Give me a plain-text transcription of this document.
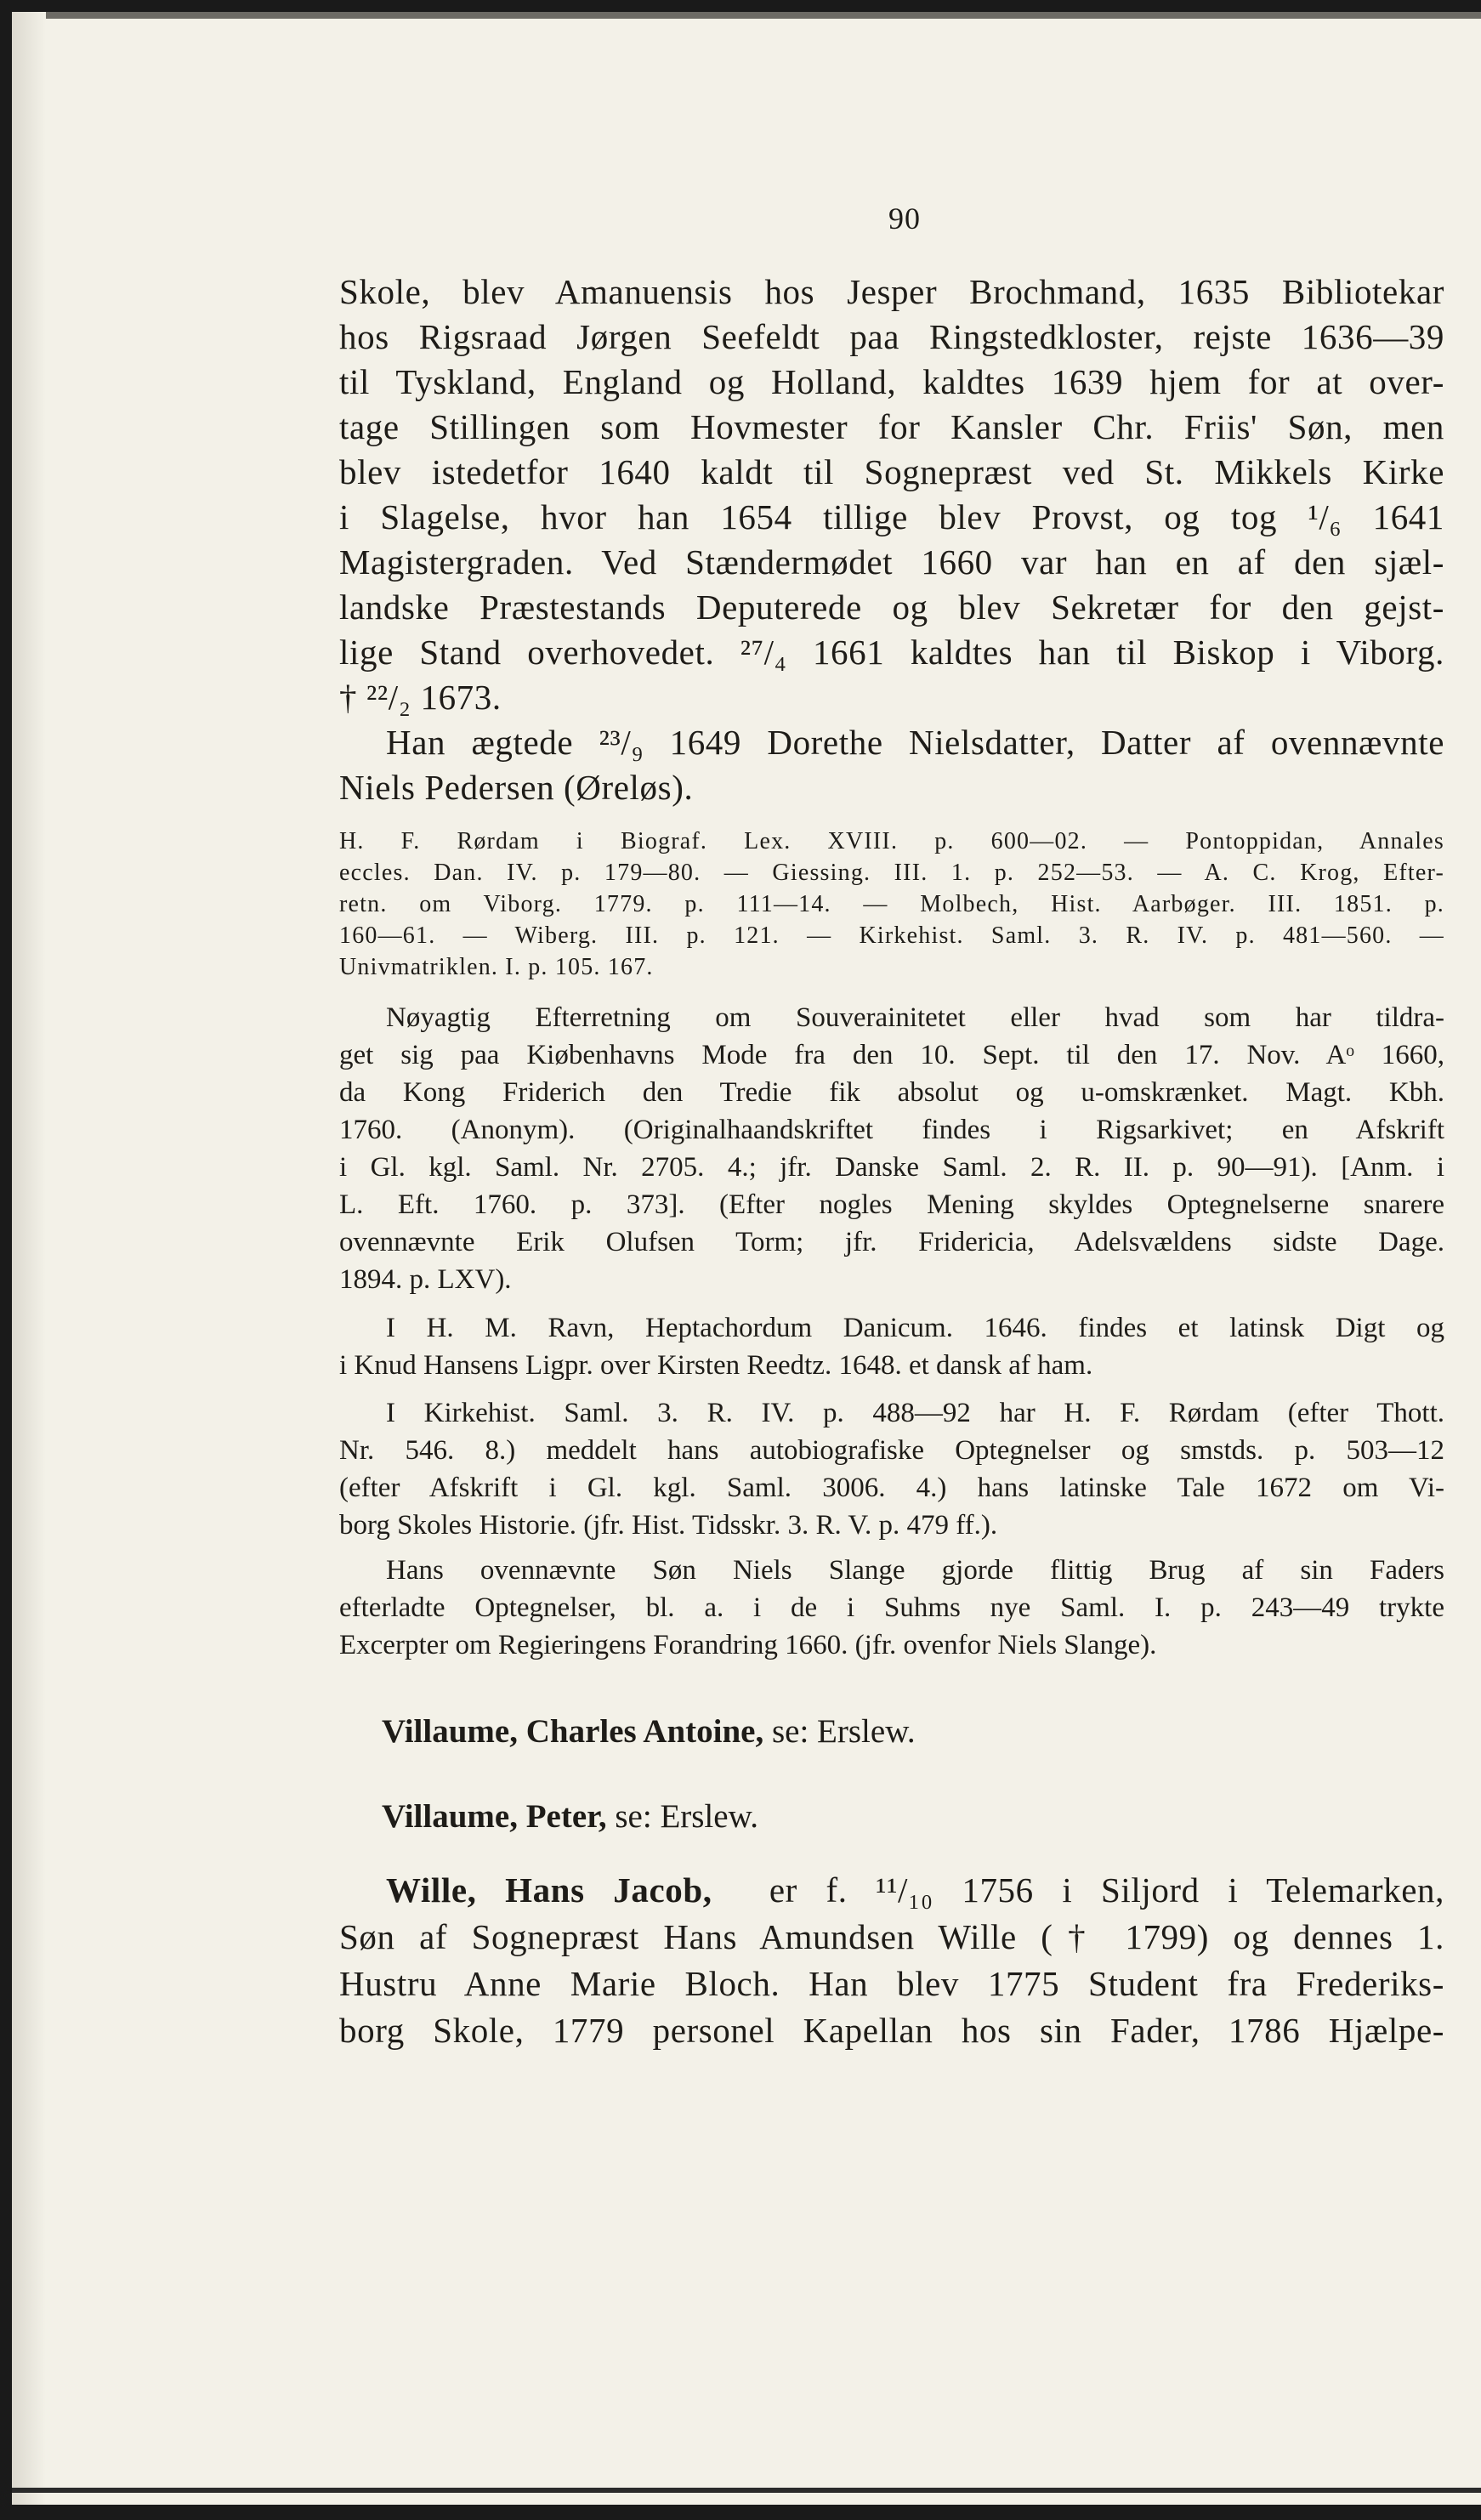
90
Skole, blev Amanuensis hos Jesper Brochmand, 1635 Bibliotekar
hos Rigsraad Jørgen Seefeldt paa Ringstedkloster, rejste 1636—39
til Tyskland, England og Holland, kaldtes 1639 hjem for at over-
tage Stillingen som Hovmester for Kansler Chr. Friis' Søn, men
blev istedetfor 1640 kaldt til Sognepræst ved St. Mikkels Kirke
i Slagelse, hvor han 1654 tillige blev Provst, og tog ¹/₆ 1641
Magistergraden. Ved Stændermødet 1660 var han en af den sjæl-
landske Præstestands Deputerede og blev Sekretær for den gejst-
lige Stand overhovedet. ²⁷/₄ 1661 kaldtes han til Biskop i Viborg.
† ²²/₂ 1673.
Han ægtede ²³/₉ 1649 Dorethe Nielsdatter, Datter af ovennævnte
Niels Pedersen (Øreløs).
H. F. Rørdam i Biograf. Lex. XVIII. p. 600—02. — Pontoppidan, Annales
eccles. Dan. IV. p. 179—80. — Giessing. III. 1. p. 252—53. — A. C. Krog, Efter-
retn. om Viborg. 1779. p. 111—14. — Molbech, Hist. Aarbøger. III. 1851. p.
160—61. — Wiberg. III. p. 121. — Kirkehist. Saml. 3. R. IV. p. 481—560. —
Univmatriklen. I. p. 105. 167.
Nøyagtig Efterretning om Souverainitetet eller hvad som har tildra-
get sig paa Kiøbenhavns Mode fra den 10. Sept. til den 17. Nov. Aᵒ 1660,
da Kong Friderich den Tredie fik absolut og u-omskrænket. Magt. Kbh.
1760. (Anonym). (Originalhaandskriftet findes i Rigsarkivet; en Afskrift
i Gl. kgl. Saml. Nr. 2705. 4.; jfr. Danske Saml. 2. R. II. p. 90—91). [Anm. i
L. Eft. 1760. p. 373]. (Efter nogles Mening skyldes Optegnelserne snarere
ovennævnte Erik Olufsen Torm; jfr. Fridericia, Adelsvældens sidste Dage.
1894. p. LXV).
I H. M. Ravn, Heptachordum Danicum. 1646. findes et latinsk Digt og
i Knud Hansens Ligpr. over Kirsten Reedtz. 1648. et dansk af ham.
I Kirkehist. Saml. 3. R. IV. p. 488—92 har H. F. Rørdam (efter Thott.
Nr. 546. 8.) meddelt hans autobiografiske Optegnelser og smstds. p. 503—12
(efter Afskrift i Gl. kgl. Saml. 3006. 4.) hans latinske Tale 1672 om Vi-
borg Skoles Historie. (jfr. Hist. Tidsskr. 3. R. V. p. 479 ff.).
Hans ovennævnte Søn Niels Slange gjorde flittig Brug af sin Faders
efterladte Optegnelser, bl. a. i de i Suhms nye Saml. I. p. 243—49 trykte
Excerpter om Regieringens Forandring 1660. (jfr. ovenfor Niels Slange).
Villaume, Charles Antoine, se: Erslew.
Villaume, Peter, se: Erslew.
Wille, Hans Jacob, er f. ¹¹/₁₀ 1756 i Siljord i Telemarken,
Søn af Sognepræst Hans Amundsen Wille († 1799) og dennes 1.
Hustru Anne Marie Bloch. Han blev 1775 Student fra Frederiks-
borg Skole, 1779 personel Kapellan hos sin Fader, 1786 Hjælpe-
